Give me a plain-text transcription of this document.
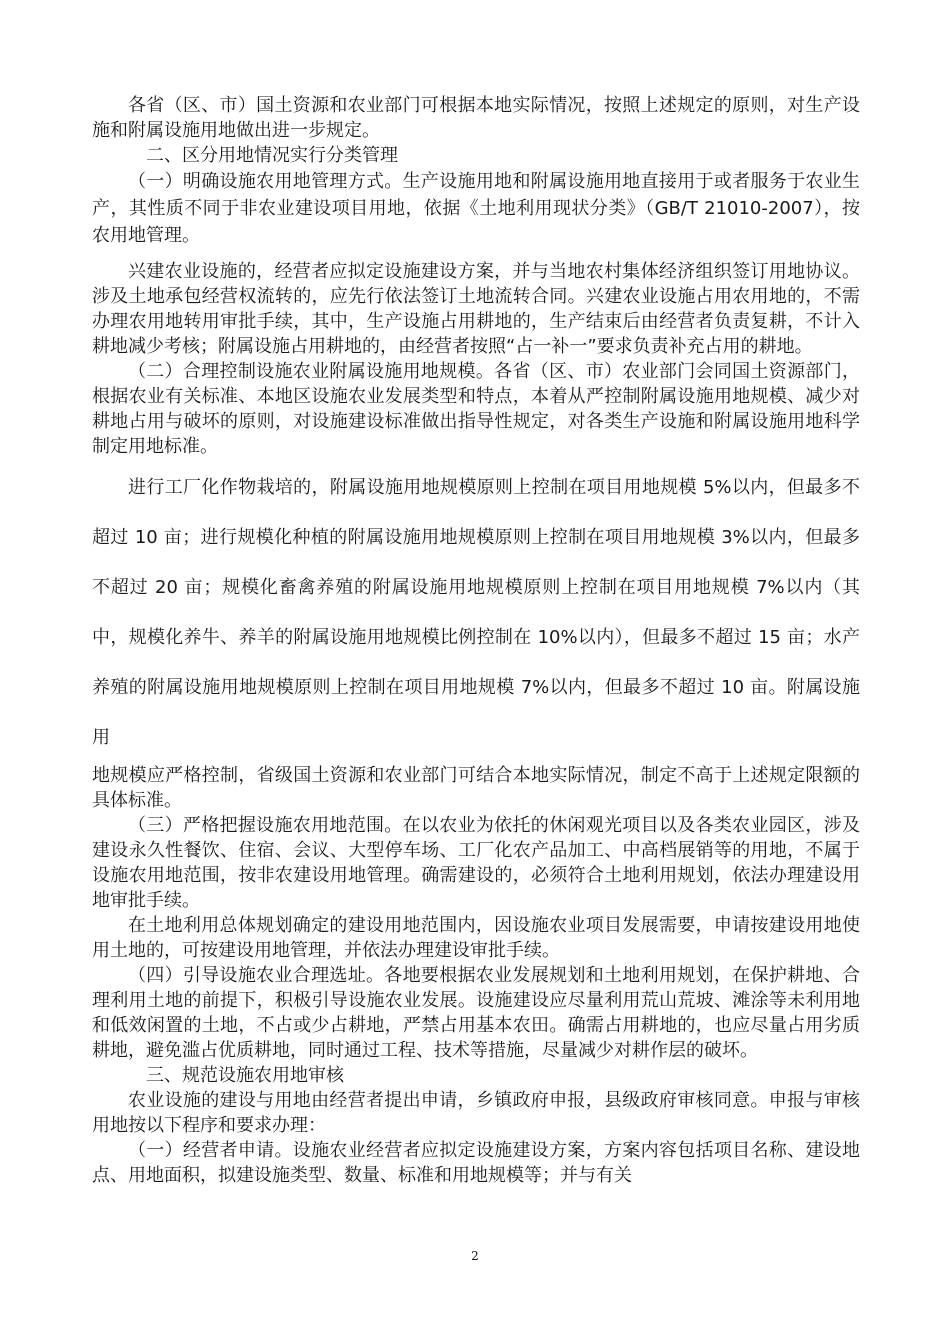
各省（区、市）国土资源和农业部门可根据本地实际情况，按照上述规定的原则，对生产设施和附属设施用地做出进一步规定。

二、区分用地情况实行分类管理

（一）明确设施农用地管理方式。生产设施用地和附属设施用地直接用于或者服务于农业生产，其性质不同于非农业建设项目用地，依据《土地利用现状分类》（GB/T 21010-2007），按农用地管理。

兴建农业设施的，经营者应拟定设施建设方案，并与当地农村集体经济组织签订用地协议。涉及土地承包经营权流转的，应先行依法签订土地流转合同。兴建农业设施占用农用地的，不需办理农用地转用审批手续，其中，生产设施占用耕地的，生产结束后由经营者负责复耕，不计入耕地减少考核；附属设施占用耕地的，由经营者按照“占一补一”要求负责补充占用的耕地。

（二）合理控制设施农业附属设施用地规模。各省（区、市）农业部门会同国土资源部门，根据农业有关标准、本地区设施农业发展类型和特点，本着从严控制附属设施用地规模、减少对耕地占用与破坏的原则，对设施建设标准做出指导性规定，对各类生产设施和附属设施用地科学制定用地标准。

进行工厂化作物栽培的，附属设施用地规模原则上控制在项目用地规模 5%以内，但最多不超过 10 亩；进行规模化种植的附属设施用地规模原则上控制在项目用地规模 3%以内，但最多不超过 20 亩；规模化畜禽养殖的附属设施用地规模原则上控制在项目用地规模 7%以内（其中，规模化养牛、养羊的附属设施用地规模比例控制在 10%以内），但最多不超过 15 亩；水产养殖的附属设施用地规模原则上控制在项目用地规模 7%以内，但最多不超过 10 亩。附属设施用

地规模应严格控制，省级国土资源和农业部门可结合本地实际情况，制定不高于上述规定限额的具体标准。

（三）严格把握设施农用地范围。在以农业为依托的休闲观光项目以及各类农业园区，涉及建设永久性餐饮、住宿、会议、大型停车场、工厂化农产品加工、中高档展销等的用地，不属于设施农用地范围，按非农建设用地管理。确需建设的，必须符合土地利用规划，依法办理建设用地审批手续。

在土地利用总体规划确定的建设用地范围内，因设施农业项目发展需要，申请按建设用地使用土地的，可按建设用地管理，并依法办理建设审批手续。

（四）引导设施农业合理选址。各地要根据农业发展规划和土地利用规划，在保护耕地、合理利用土地的前提下，积极引导设施农业发展。设施建设应尽量利用荒山荒坡、滩涂等未利用地和低效闲置的土地，不占或少占耕地，严禁占用基本农田。确需占用耕地的，也应尽量占用劣质耕地，避免滥占优质耕地，同时通过工程、技术等措施，尽量减少对耕作层的破坏。

三、规范设施农用地审核

农业设施的建设与用地由经营者提出申请，乡镇政府申报，县级政府审核同意。申报与审核用地按以下程序和要求办理：

（一）经营者申请。设施农业经营者应拟定设施建设方案，方案内容包括项目名称、建设地点、用地面积，拟建设施类型、数量、标准和用地规模等；并与有关

2
